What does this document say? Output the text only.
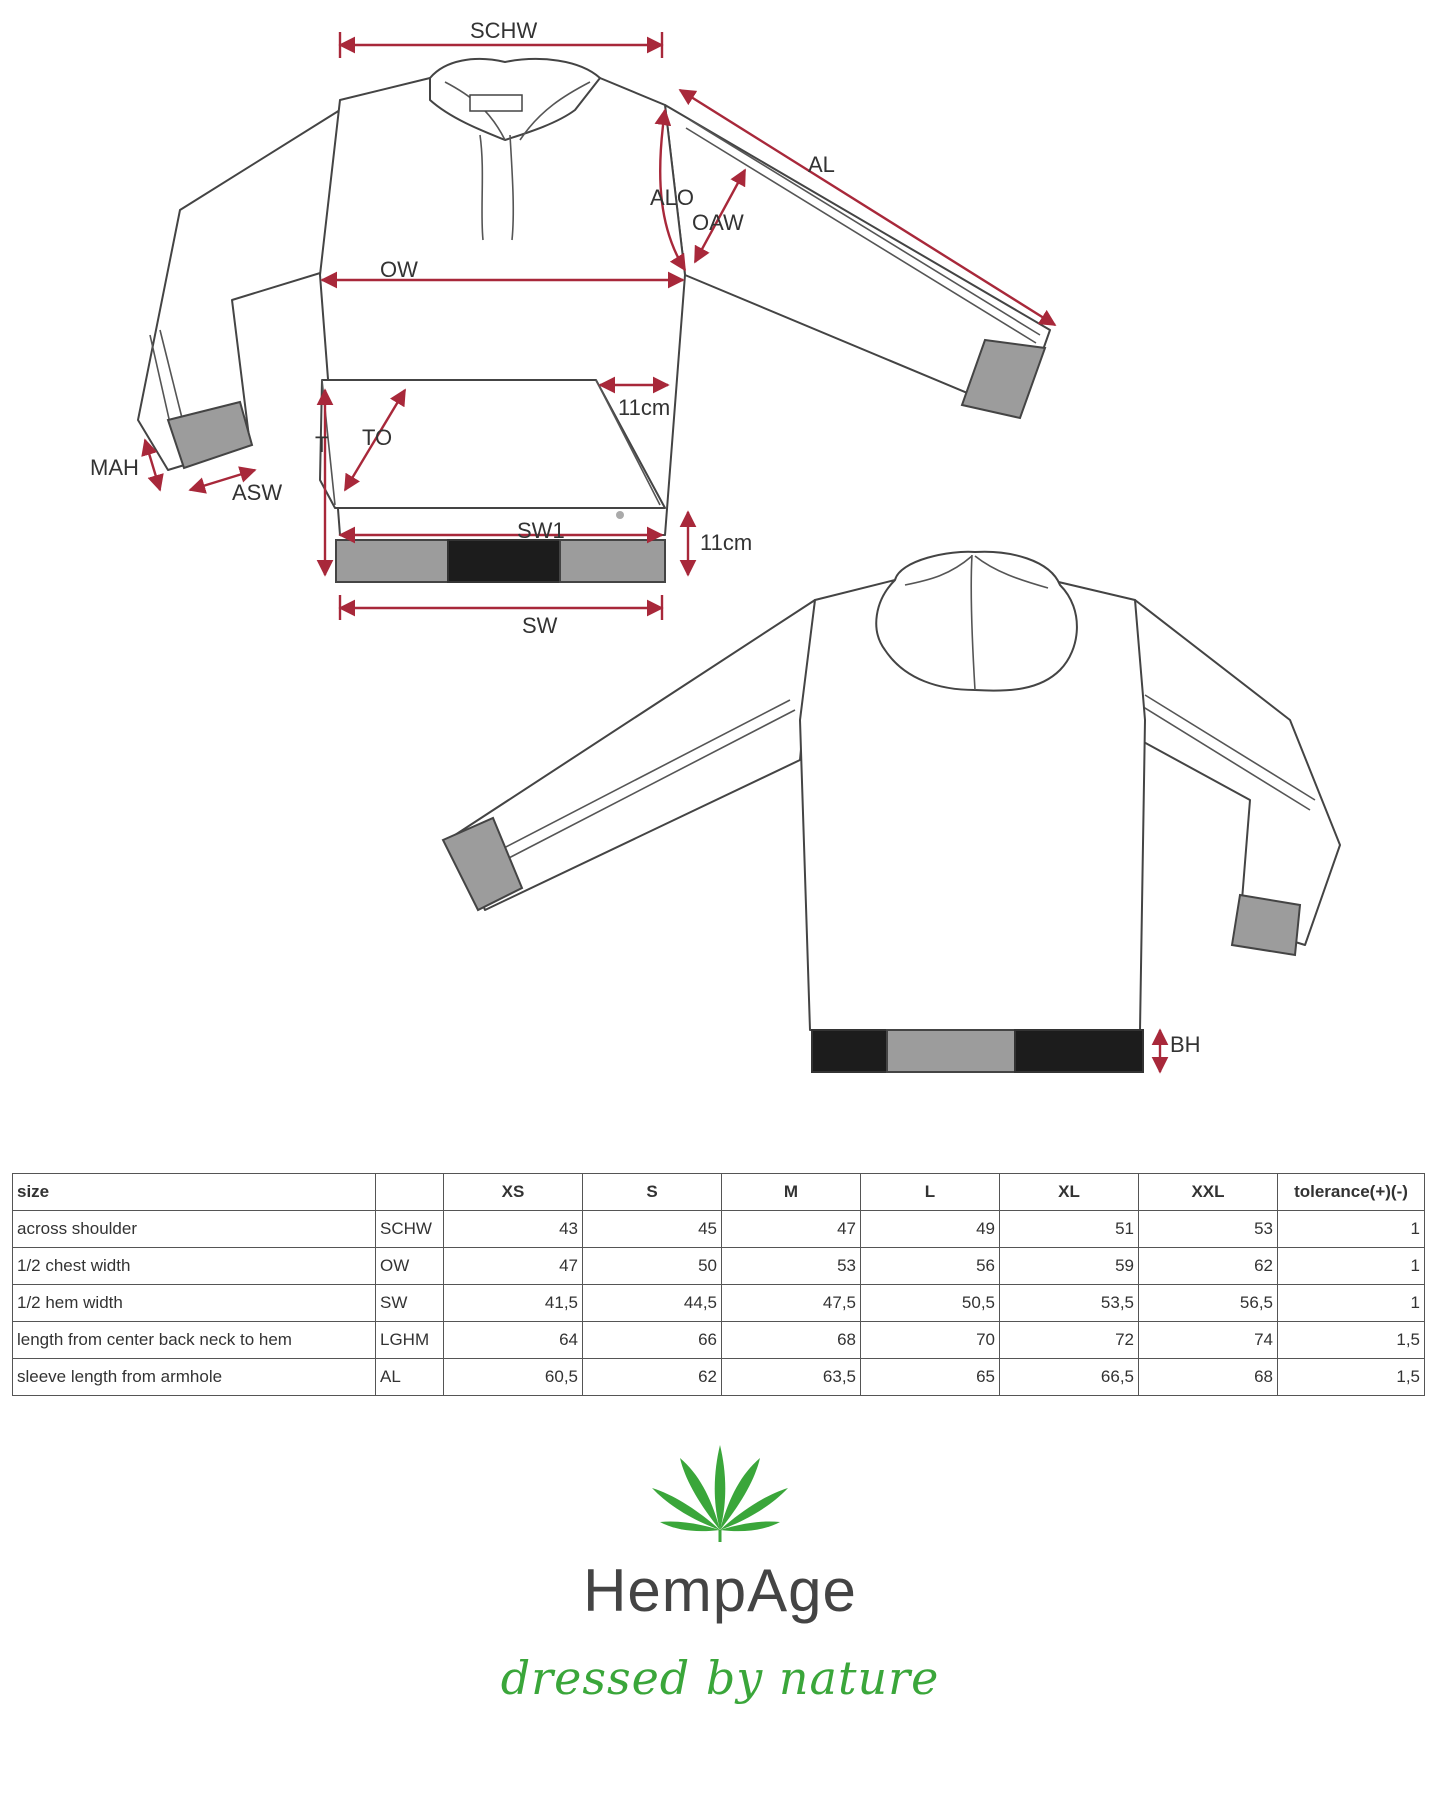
SCHW
AL
ALO
OAW
OW
11cm
T TO
MAH
ASW
SW1	11cm
SW
BH
size		XS	S	M	L	XL	XXL	tolerance(+)(-)
across shoulder	SCHW	43	45	47	49	51	53	1
1/2 chest width	OW	47	50	53	56	59	62	1
1/2 hem width	SW	41,5	44,5	47,5	50,5	53,5	56,5	1
length from center back neck to hem	LGHM	64	66	68	70	72	74	1,5
sleeve length from armhole	AL	60,5	62	63,5	65	66,5	68	1,5
HempAge
dressed by nature
